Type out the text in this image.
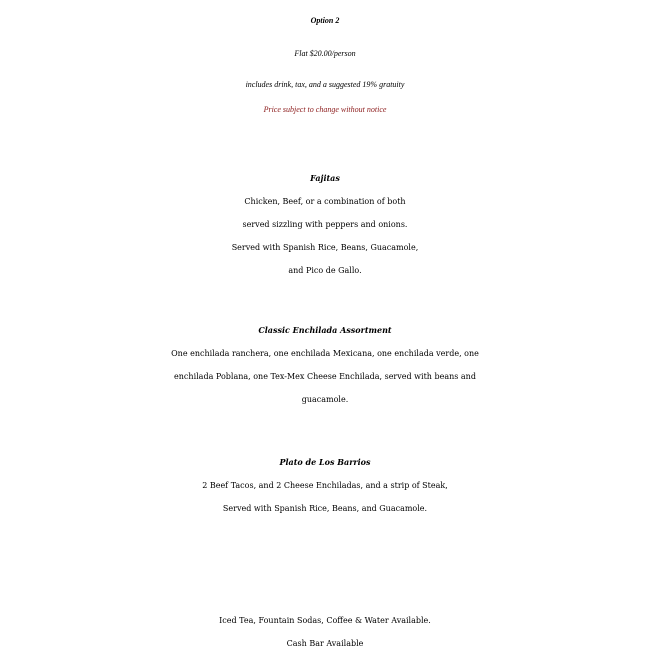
Option 2
Flat $20.00/person
includes drink, tax, and a suggested 19% gratuity
Price subject to change without notice
Fajitas
Chicken, Beef, or a combination of both
served sizzling with peppers and onions.
Served with Spanish Rice, Beans, Guacamole,
and Pico de Gallo.
Classic Enchilada Assortment
One enchilada ranchera, one enchilada Mexicana, one enchilada verde, one
enchilada Poblana, one Tex-Mex Cheese Enchilada, served with beans and
guacamole.
Plato de Los Barrios
2 Beef Tacos, and 2 Cheese Enchiladas, and a strip of Steak,
Served with Spanish Rice, Beans, and Guacamole.
Iced Tea, Fountain Sodas, Coffee & Water Available.
Cash Bar Available
